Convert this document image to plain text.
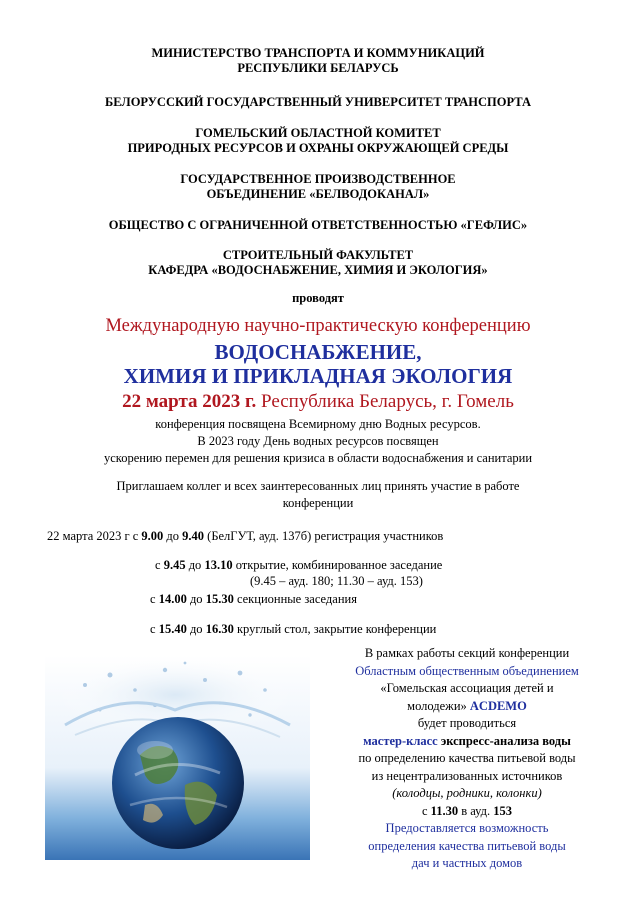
МИНИСТЕРСТВО ТРАНСПОРТА И КОММУНИКАЦИЙ
РЕСПУБЛИКИ БЕЛАРУСЬ
БЕЛОРУССКИЙ ГОСУДАРСТВЕННЫЙ УНИВЕРСИТЕТ ТРАНСПОРТА
ГОМЕЛЬСКИЙ ОБЛАСТНОЙ КОМИТЕТ
ПРИРОДНЫХ РЕСУРСОВ И ОХРАНЫ ОКРУЖАЮЩЕЙ СРЕДЫ
ГОСУДАРСТВЕННОЕ ПРОИЗВОДСТВЕННОЕ
ОБЪЕДИНЕНИЕ «БЕЛВОДОКАНАЛ»
ОБЩЕСТВО С ОГРАНИЧЕННОЙ ОТВЕТСТВЕННОСТЬЮ «ГЕФЛИС»
СТРОИТЕЛЬНЫЙ ФАКУЛЬТЕТ
КАФЕДРА «ВОДОСНАБЖЕНИЕ, ХИМИЯ И ЭКОЛОГИЯ»
проводят
Международную научно-практическую конференцию
ВОДОСНАБЖЕНИЕ,
ХИМИЯ И ПРИКЛАДНАЯ ЭКОЛОГИЯ
22 марта 2023 г. Республика Беларусь, г. Гомель
конференция посвящена Всемирному дню Водных ресурсов.
В 2023 году День водных ресурсов посвящен
ускорению перемен для решения кризиса в области водоснабжения и санитарии
Приглашаем коллег и всех заинтересованных лиц принять участие в работе
конференции
22 марта 2023 г с 9.00 до 9.40 (БелГУТ, ауд. 137б) регистрация участников
с 9.45 до 13.10 открытие, комбинированное заседание
(9.45 – ауд. 180; 11.30 – ауд. 153)
с 14.00 до 15.30 секционные заседания
с 15.40 до 16.30 круглый стол, закрытие конференции
В рамках работы секций конференции
Областным общественным объединением
«Гомельская ассоциация детей и
молодежи» ACDEMO
будет проводиться
мастер-класс экспресс-анализа воды
по определению качества питьевой воды
из нецентрализованных источников
(колодцы, родники, колонки)
с 11.30 в ауд. 153
Предоставляется возможность
определения качества питьевой воды
дач и частных домов
